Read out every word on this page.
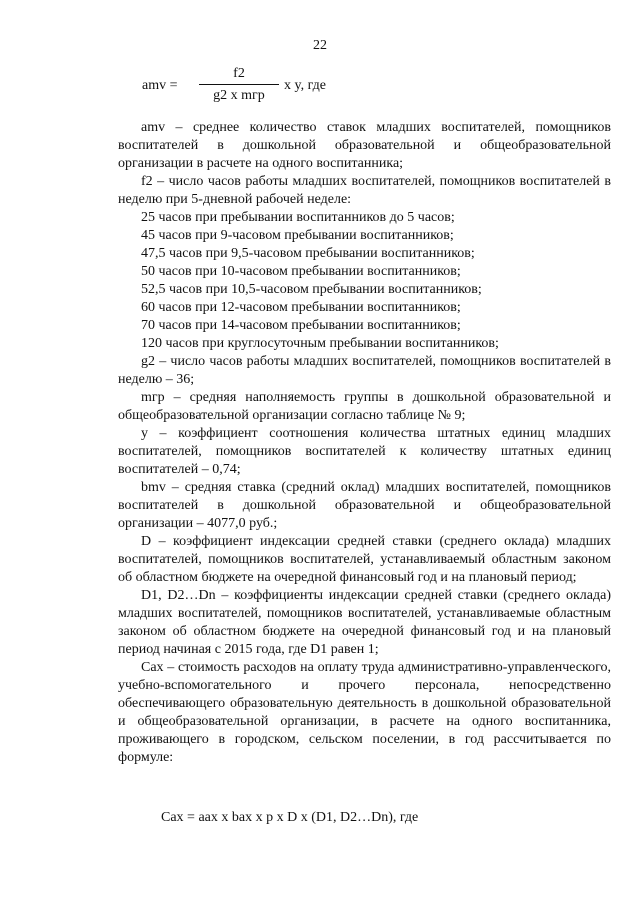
22
amv =
f2
g2 x mгр
x y, где

amv – среднее количество ставок младших воспитателей, помощников воспитателей в дошкольной образовательной и общеобразовательной организации в расчете на одного воспитанника;

f2 – число часов работы младших воспитателей, помощников воспитателей в неделю при 5-дневной рабочей неделе:

25 часов при пребывании воспитанников до 5 часов;

45 часов при 9-часовом пребывании воспитанников;

47,5 часов при 9,5-часовом пребывании воспитанников;

50 часов при 10-часовом пребывании воспитанников;

52,5 часов при 10,5-часовом пребывании воспитанников;

60 часов при 12-часовом пребывании воспитанников;

70 часов при 14-часовом пребывании воспитанников;

120 часов при круглосуточным пребывании воспитанников;

g2 – число часов работы младших воспитателей, помощников воспитателей в неделю – 36;

mгр – средняя наполняемость группы в дошкольной образовательной и общеобразовательной организации согласно таблице № 9;

y – коэффициент соотношения количества штатных единиц младших воспитателей, помощников воспитателей к количеству штатных единиц воспитателей – 0,74;

bmv – средняя ставка (средний оклад) младших воспитателей, помощников воспитателей в дошкольной образовательной и общеобразовательной

организации – 4077,0 руб.;

D – коэффициент индексации средней ставки (среднего оклада) младших воспитателей, помощников воспитателей, устанавливаемый областным законом об областном бюджете на очередной финансовый год и на плановый период;

D1, D2…Dn – коэффициенты индексации средней ставки (среднего оклада) младших воспитателей, помощников воспитателей, устанавливаемые областным законом об областном бюджете на очередной финансовый год и на плановый период начиная с 2015 года, где D1 равен 1;

Cах – стоимость расходов на оплату труда административно-управленческого, учебно-вспомогательного и прочего персонала, непосредственно обеспечивающего образовательную деятельность в дошкольной образовательной и общеобразовательной организации, в расчете на одного воспитанника, проживающего в городском, сельском поселении, в год рассчитывается по формуле:

Cах = aах x bах x p x D x (D1, D2…Dn), где
